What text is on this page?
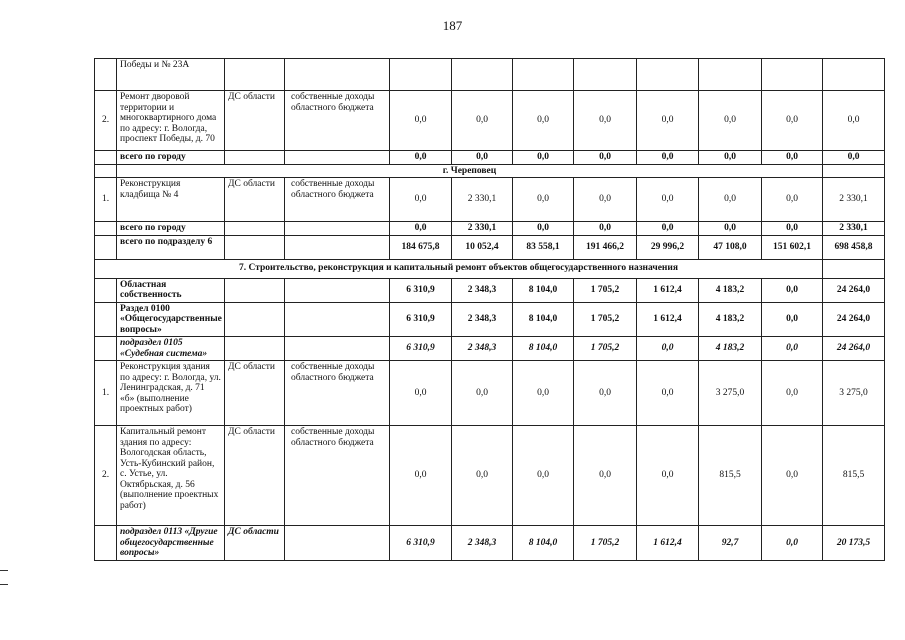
187
	Победы и № 23А										
2.	Ремонт дворовой территории и многоквартирного дома по адресу: г. Вологда, проспект Победы, д. 70	ДС области	собственные доходы областного бюджета	0,0	0,0	0,0	0,0	0,0	0,0	0,0	0,0
	всего по городу			0,0	0,0	0,0	0,0	0,0	0,0	0,0	0,0
	г. Череповец										
1.	Реконструкция кладбища № 4	ДС области	собственные доходы областного бюджета	0,0	2 330,1	0,0	0,0	0,0	0,0	0,0	2 330,1
	всего по городу			0,0	2 330,1	0,0	0,0	0,0	0,0	0,0	2 330,1
	всего по подразделу 6			184 675,8	10 052,4	83 558,1	191 466,2	29 996,2	47 108,0	151 602,1	698 458,8
7. Строительство, реконструкция и капитальный ремонт объектов общегосударственного назначения											
	Областная собственность			6 310,9	2 348,3	8 104,0	1 705,2	1 612,4	4 183,2	0,0	24 264,0
	Раздел 0100 «Общегосударственные вопросы»			6 310,9	2 348,3	8 104,0	1 705,2	1 612,4	4 183,2	0,0	24 264,0
	подраздел 0105 «Судебная система»			6 310,9	2 348,3	8 104,0	1 705,2	0,0	4 183,2	0,0	24 264,0
1.	Реконструкция здания по адресу: г. Вологда, ул. Ленинградская, д. 71 «б» (выполнение проектных работ)	ДС области	собственные доходы областного бюджета	0,0	0,0	0,0	0,0	0,0	3 275,0	0,0	3 275,0
2.	Капитальный ремонт здания по адресу: Вологодская область, Усть-Кубинский район, с. Устье, ул. Октябрьская, д. 56 (выполнение проектных работ)	ДС области	собственные доходы областного бюджета	0,0	0,0	0,0	0,0	0,0	815,5	0,0	815,5
	подраздел 0113 «Другие общегосударственные вопросы»	ДС области		6 310,9	2 348,3	8 104,0	1 705,2	1 612,4	92,7	0,0	20 173,5
